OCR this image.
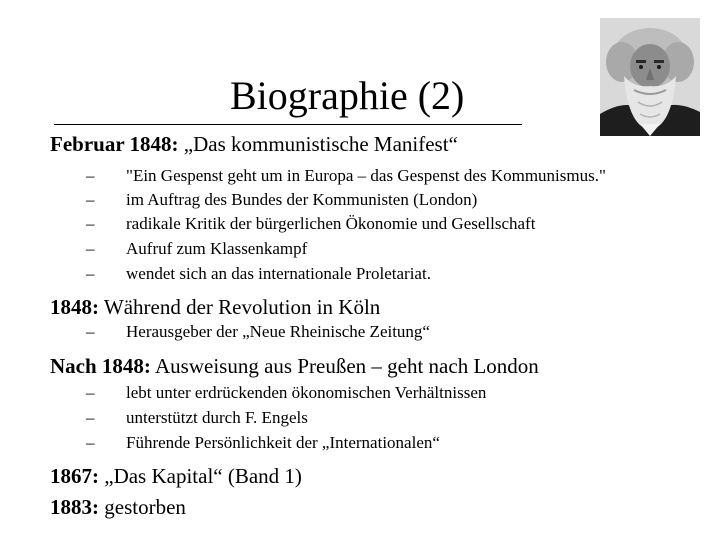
Biographie (2)
Februar 1848: „Das kommunistische Manifest“
– "Ein Gespenst geht um in Europa – das Gespenst des Kommunismus."
– im Auftrag des Bundes der Kommunisten (London)
– radikale Kritik der bürgerlichen Ökonomie und Gesellschaft
– Aufruf zum Klassenkampf
– wendet sich an das internationale Proletariat.
1848: Während der Revolution in Köln
– Herausgeber der „Neue Rheinische Zeitung“
Nach 1848: Ausweisung aus Preußen – geht nach London
– lebt unter erdrückenden ökonomischen Verhältnissen
– unterstützt durch F. Engels
– Führende Persönlichkeit der „Internationalen“
1867: „Das Kapital“ (Band 1)
1883: gestorben
